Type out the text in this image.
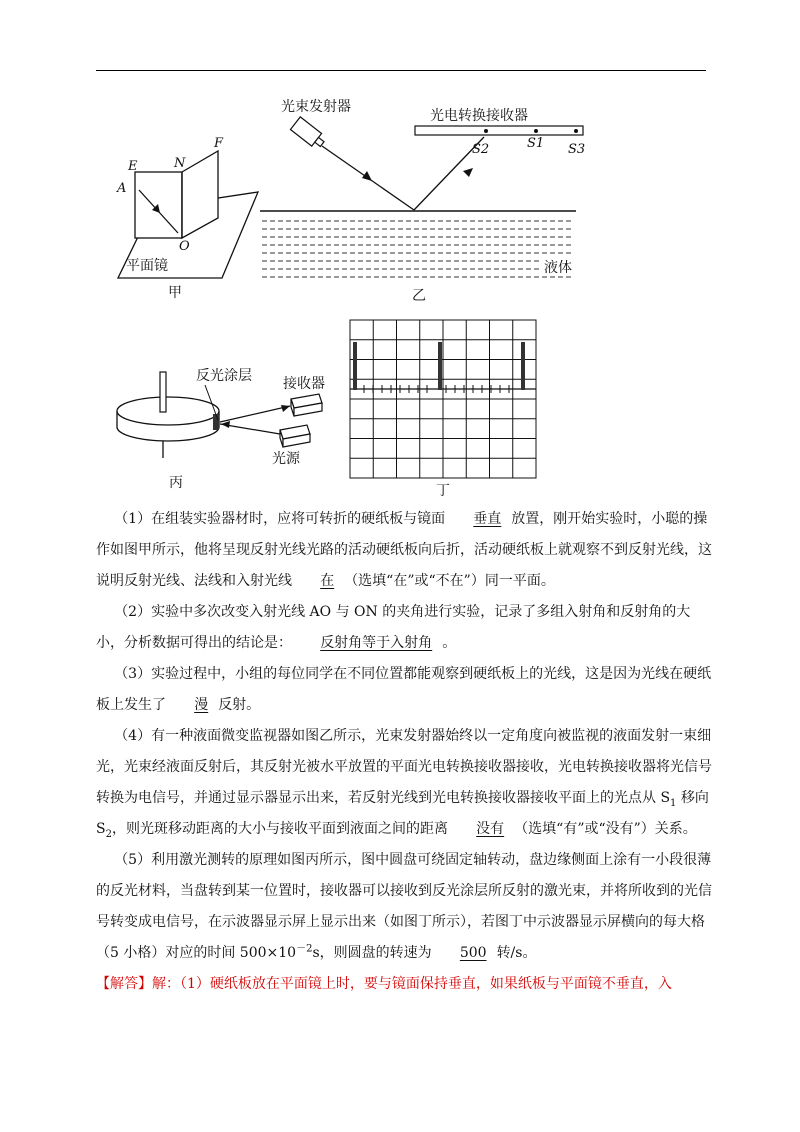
E	N
F
A
O
平面镜
甲
光束发射器
光电转换接收器
S2	S1 S3
液体
乙
反光涂层 接收器
光源
丙	丁

（1）在组装实验器材时，应将可转折的硬纸板与镜面 垂直 放置，刚开始实验时，小聪的操作如图甲所示，他将呈现反射光线光路的活动硬纸板向后折，活动硬纸板上就观察不到反射光线，这说明反射光线、法线和入射光线 在 （选填“在”或“不在”）同一平面。

（2）实验中多次改变入射光线 AO 与 ON 的夹角进行实验，记录了多组入射角和反射角的大小，分析数据可得出的结论是： 反射角等于入射角 。

（3）实验过程中，小组的每位同学在不同位置都能观察到硬纸板上的光线，这是因为光线在硬纸板上发生了 漫 反射。

（4）有一种液面微变监视器如图乙所示，光束发射器始终以一定角度向被监视的液面发射一束细光，光束经液面反射后，其反射光被水平放置的平面光电转换接收器接收，光电转换接收器将光信号转换为电信号，并通过显示器显示出来，若反射光线到光电转换接收器接收平面上的光点从 $S_1$ 移向 $S_2$，则光斑移动距离的大小与接收平面到液面之间的距离 没有 （选填“有”或“没有”）关系。

（5）利用激光测转的原理如图丙所示，图中圆盘可绕固定轴转动，盘边缘侧面上涂有一小段很薄的反光材料，当盘转到某一位置时，接收器可以接收到反光涂层所反射的激光束，并将所收到的光信号转变成电信号，在示波器显示屏上显示出来（如图丁所示），若图丁中示波器显示屏横向的每大格（5 小格）对应的时间 $500\times 10^{-2}s$，则圆盘的转速为 500 转/s。

【解答】解：（1）硬纸板放在平面镜上时，要与镜面保持垂直，如果纸板与平面镜不垂直，入
